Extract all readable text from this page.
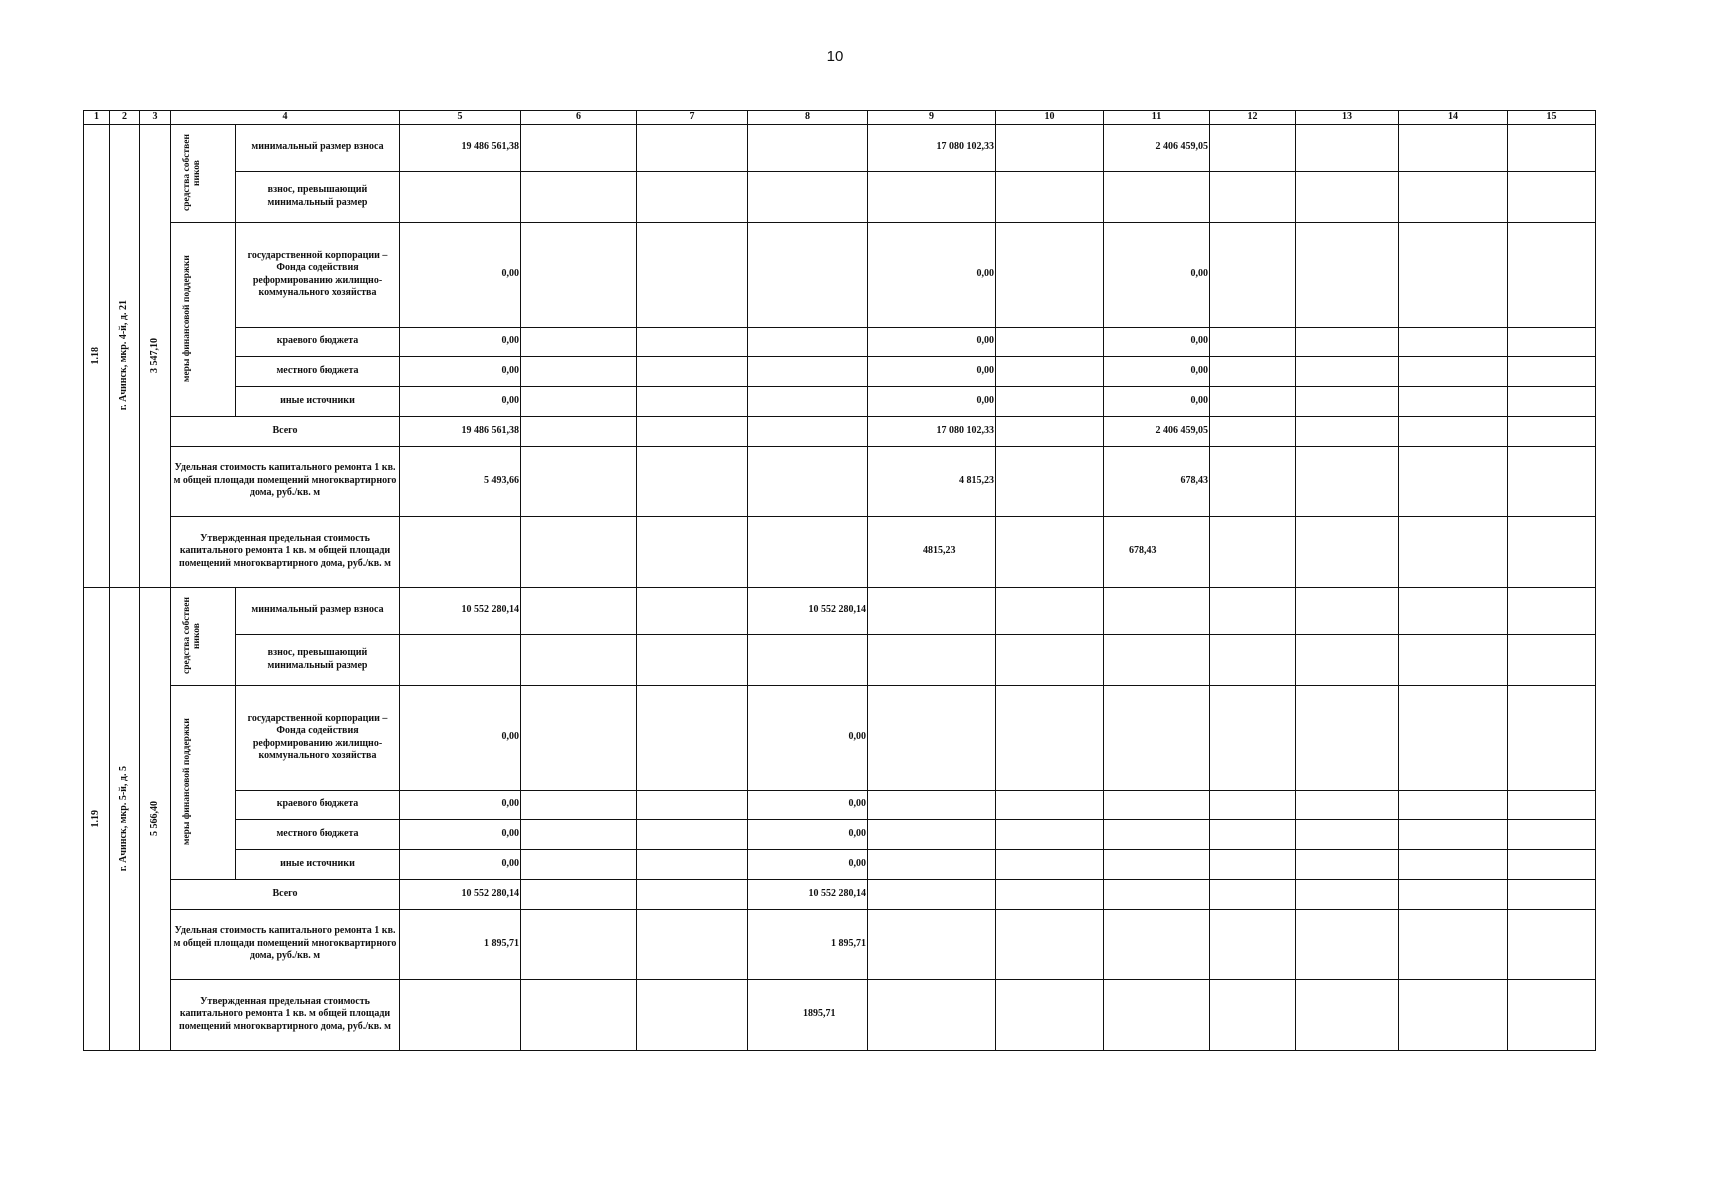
10
1	2	3	4		5	6	7	8	9	10	11	12	13	14	15

1.18	г. Ачинск, мкр. 4-й, д. 21	3 547,10	средства собствен ников	минимальный размер взноса	19 486 561,38				17 080 102,33		2 406 459,05				
				взнос, превышающий минимальный размер											

			меры финансовой поддержки	государственной корпорации – Фонда содействия реформированию жилищно-коммунального хозяйства	0,00				0,00		0,00				
				краевого бюджета	0,00				0,00		0,00				
				местного бюджета	0,00				0,00		0,00				
				иные источники	0,00				0,00		0,00				
			Всего		19 486 561,38				17 080 102,33		2 406 459,05				
			Удельная стоимость капитального ремонта 1 кв. м общей площади помещений многоквартирного дома, руб./кв. м		5 493,66				4 815,23		678,43				
			Утвержденная предельная стоимость капитального ремонта 1 кв. м общей площади помещений многоквартирного дома, руб./кв. м						4815,23		678,43				

1.19	г. Ачинск, мкр. 5-й, д. 5	5 566,40	средства собствен ников	минимальный размер взноса	10 552 280,14			10 552 280,14							
				взнос, превышающий минимальный размер											

			меры финансовой поддержки	государственной корпорации – Фонда содействия реформированию жилищно-коммунального хозяйства	0,00			0,00							
				краевого бюджета	0,00			0,00							
				местного бюджета	0,00			0,00							
				иные источники	0,00			0,00							
			Всего		10 552 280,14			10 552 280,14							
			Удельная стоимость капитального ремонта 1 кв. м общей площади помещений многоквартирного дома, руб./кв. м		1 895,71			1 895,71							
			Утвержденная предельная стоимость капитального ремонта 1 кв. м общей площади помещений многоквартирного дома, руб./кв. м					1895,71							
